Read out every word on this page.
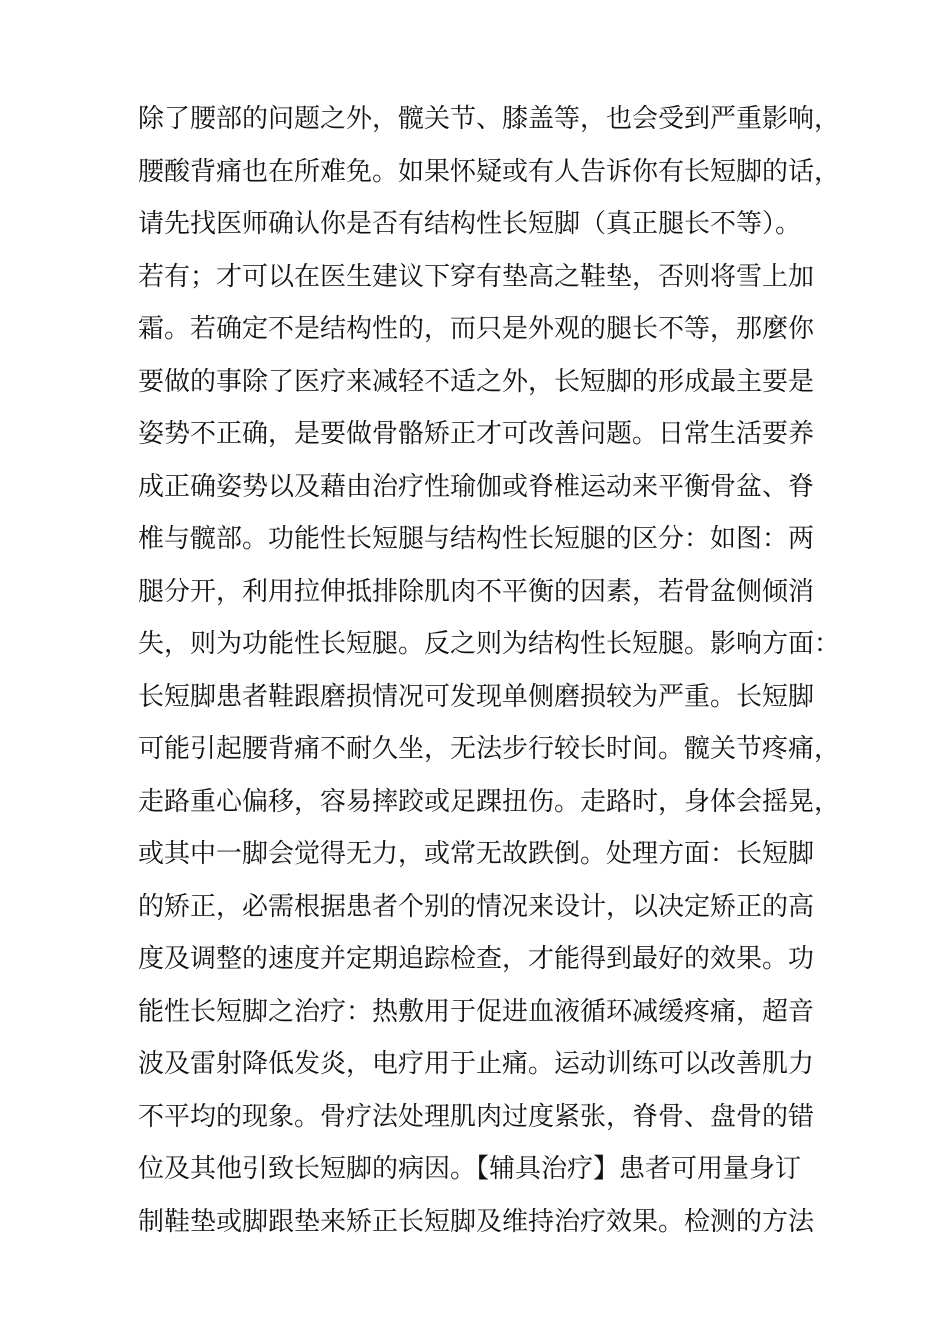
除了腰部的问题之外，髋关节、膝盖等，也会受到严重影响，
腰酸背痛也在所难免。如果怀疑或有人告诉你有长短脚的话，
请先找医师确认你是否有结构性长短脚（真正腿长不等）。
若有；才可以在医生建议下穿有垫高之鞋垫，否则将雪上加
霜。若确定不是结构性的，而只是外观的腿长不等，那麼你
要做的事除了医疗来减轻不适之外，长短脚的形成最主要是
姿势不正确，是要做骨骼矫正才可改善问题。日常生活要养
成正确姿势以及藉由治疗性瑜伽或脊椎运动来平衡骨盆、脊
椎与髋部。功能性长短腿与结构性长短腿的区分：如图：两
腿分开，利用拉伸抵排除肌肉不平衡的因素，若骨盆侧倾消
失，则为功能性长短腿。反之则为结构性长短腿。影响方面：
长短脚患者鞋跟磨损情况可发现单侧磨损较为严重。长短脚
可能引起腰背痛不耐久坐，无法步行较长时间。髋关节疼痛，
走路重心偏移，容易摔跤或足踝扭伤。走路时，身体会摇晃，
或其中一脚会觉得无力，或常无故跌倒。处理方面：长短脚
的矫正，必需根据患者个别的情况来设计，以决定矫正的高
度及调整的速度并定期追踪检查，才能得到最好的效果。功
能性长短脚之治疗：热敷用于促进血液循环减缓疼痛，超音
波及雷射降低发炎，电疗用于止痛。运动训练可以改善肌力
不平均的现象。骨疗法处理肌肉过度紧张，脊骨、盘骨的错
位及其他引致长短脚的病因。【辅具治疗】患者可用量身订
制鞋垫或脚跟垫来矫正长短脚及维持治疗效果。检测的方法
